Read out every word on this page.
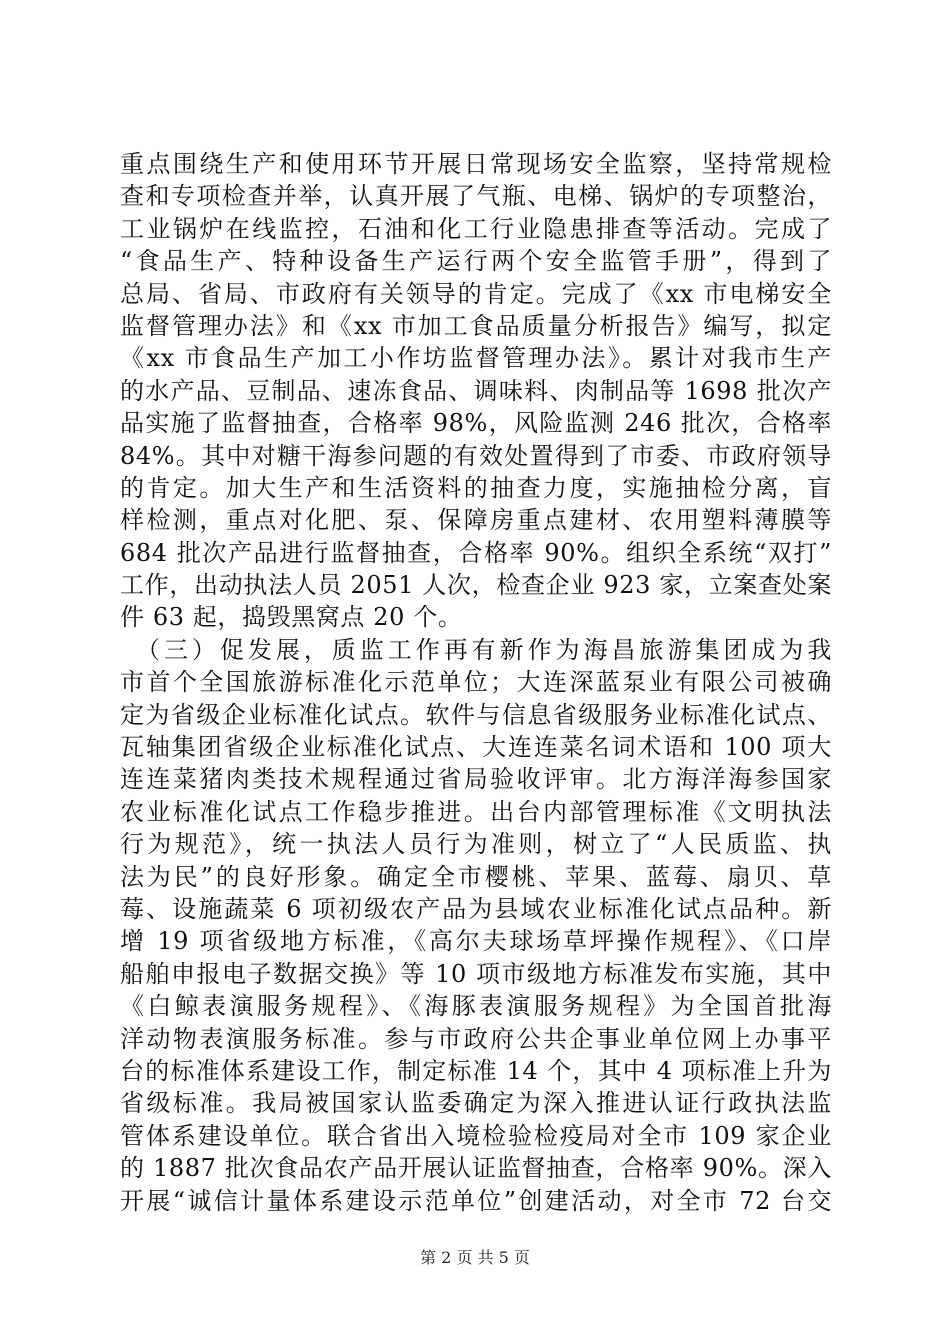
重点围绕生产和使用环节开展日常现场安全监察，坚持常规检
查和专项检查并举，认真开展了气瓶、电梯、锅炉的专项整治，
工业锅炉在线监控，石油和化工行业隐患排查等活动。完成了
“食品生产、特种设备生产运行两个安全监管手册”，得到了
总局、省局、市政府有关领导的肯定。完成了《xx 市电梯安全
监督管理办法》和《xx 市加工食品质量分析报告》编写，拟定
《xx 市食品生产加工小作坊监督管理办法》。累计对我市生产
的水产品、豆制品、速冻食品、调味料、肉制品等 1698 批次产
品实施了监督抽查，合格率 98%，风险监测 246 批次，合格率
84%。其中对糖干海参问题的有效处置得到了市委、市政府领导
的肯定。加大生产和生活资料的抽查力度，实施抽检分离，盲
样检测，重点对化肥、泵、保障房重点建材、农用塑料薄膜等
684 批次产品进行监督抽查，合格率 90%。组织全系统“双打”
工作，出动执法人员 2051 人次，检查企业 923 家，立案查处案
件 63 起，捣毁黑窝点 20 个。
　（三）促发展，质监工作再有新作为海昌旅游集团成为我
市首个全国旅游标准化示范单位；大连深蓝泵业有限公司被确
定为省级企业标准化试点。软件与信息省级服务业标准化试点、
瓦轴集团省级企业标准化试点、大连连菜名词术语和 100 项大
连连菜猪肉类技术规程通过省局验收评审。北方海洋海参国家
农业标准化试点工作稳步推进。出台内部管理标准《文明执法
行为规范》，统一执法人员行为准则，树立了“人民质监、执
法为民”的良好形象。确定全市樱桃、苹果、蓝莓、扇贝、草
莓、设施蔬菜 6 项初级农产品为县域农业标准化试点品种。新
增 19 项省级地方标准，《高尔夫球场草坪操作规程》、《口岸
船舶申报电子数据交换》等 10 项市级地方标准发布实施，其中
《白鲸表演服务规程》、《海豚表演服务规程》为全国首批海
洋动物表演服务标准。参与市政府公共企事业单位网上办事平
台的标准体系建设工作，制定标准 14 个，其中 4 项标准上升为
省级标准。我局被国家认监委确定为深入推进认证行政执法监
管体系建设单位。联合省出入境检验检疫局对全市 109 家企业
的 1887 批次食品农产品开展认证监督抽查，合格率 90%。深入
开展“诚信计量体系建设示范单位”创建活动，对全市 72 台交
第 2 页 共 5 页
